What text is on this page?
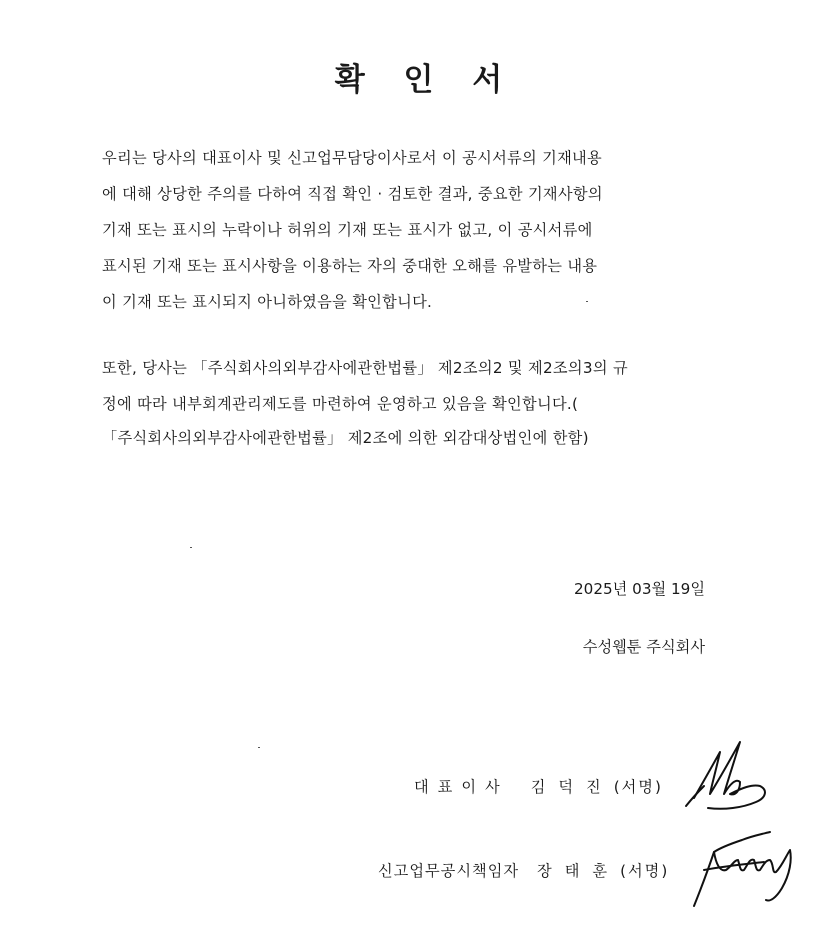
확 인 서
우리는 당사의 대표이사 및 신고업무담당이사로서 이 공시서류의 기재내용
에 대해 상당한 주의를 다하여 직접 확인 · 검토한 결과, 중요한 기재사항의
기재 또는 표시의 누락이나 허위의 기재 또는 표시가 없고, 이 공시서류에
표시된 기재 또는 표시사항을 이용하는 자의 중대한 오해를 유발하는 내용
이 기재 또는 표시되지 아니하였음을 확인합니다.
또한, 당사는 「주식회사의외부감사에관한법률」 제2조의2 및 제2조의3의 규
정에 따라 내부회계관리제도를 마련하여 운영하고 있음을 확인합니다.(
「주식회사의외부감사에관한법률」 제2조에 의한 외감대상법인에 한함)
2025년 03월 19일
수성웹툰 주식회사
대표이사 김덕진(서명)
신고업무공시책임자 장태훈(서명)
